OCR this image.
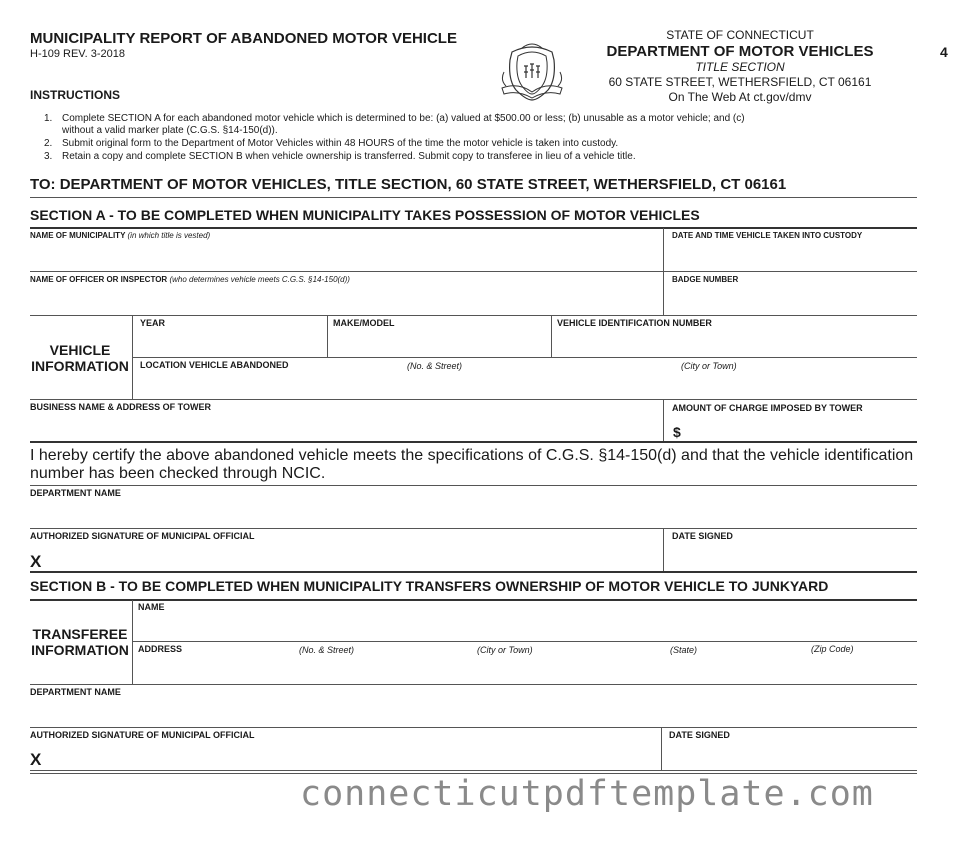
MUNICIPALITY REPORT OF ABANDONED MOTOR VEHICLE
H-109 REV. 3-2018
STATE OF CONNECTICUT
DEPARTMENT OF MOTOR VEHICLES
TITLE SECTION
60 STATE STREET, WETHERSFIELD, CT 06161
On The Web At ct.gov/dmv
4
INSTRUCTIONS
1. Complete SECTION A for each abandoned motor vehicle which is determined to be: (a) valued at $500.00 or less; (b) unusable as a motor vehicle; and (c)
without a valid marker plate (C.G.S. §14-150(d)).
2. Submit original form to the Department of Motor Vehicles within 48 HOURS of the time the motor vehicle is taken into custody.
3. Retain a copy and complete SECTION B when vehicle ownership is transferred. Submit copy to transferee in lieu of a vehicle title.
TO: DEPARTMENT OF MOTOR VEHICLES, TITLE SECTION, 60 STATE STREET, WETHERSFIELD, CT 06161
SECTION A - TO BE COMPLETED WHEN MUNICIPALITY TAKES POSSESSION OF MOTOR VEHICLES
NAME OF MUNICIPALITY (in which title is vested)	DATE AND TIME VEHICLE TAKEN INTO CUSTODY
NAME OF OFFICER OR INSPECTOR (who determines vehicle meets C.G.S. §14-150(d))	BADGE NUMBER
VEHICLE
INFORMATION
YEAR	MAKE/MODEL	VEHICLE IDENTIFICATION NUMBER
LOCATION VEHICLE ABANDONED	(No. & Street)	(City or Town)
BUSINESS NAME & ADDRESS OF TOWER	AMOUNT OF CHARGE IMPOSED BY TOWER
$
I hereby certify the above abandoned vehicle meets the specifications of C.G.S. §14-150(d) and that the vehicle identification
number has been checked through NCIC.
DEPARTMENT NAME
AUTHORIZED SIGNATURE OF MUNICIPAL OFFICIAL
X
DATE SIGNED
SECTION B - TO BE COMPLETED WHEN MUNICIPALITY TRANSFERS OWNERSHIP OF MOTOR VEHICLE TO JUNKYARD
TRANSFEREE
INFORMATION
NAME
ADDRESS	(No. & Street)	(City or Town)	(State)	(Zip Code)
DEPARTMENT NAME
AUTHORIZED SIGNATURE OF MUNICIPAL OFFICIAL
X
DATE SIGNED
connecticutpdftemplate.com
